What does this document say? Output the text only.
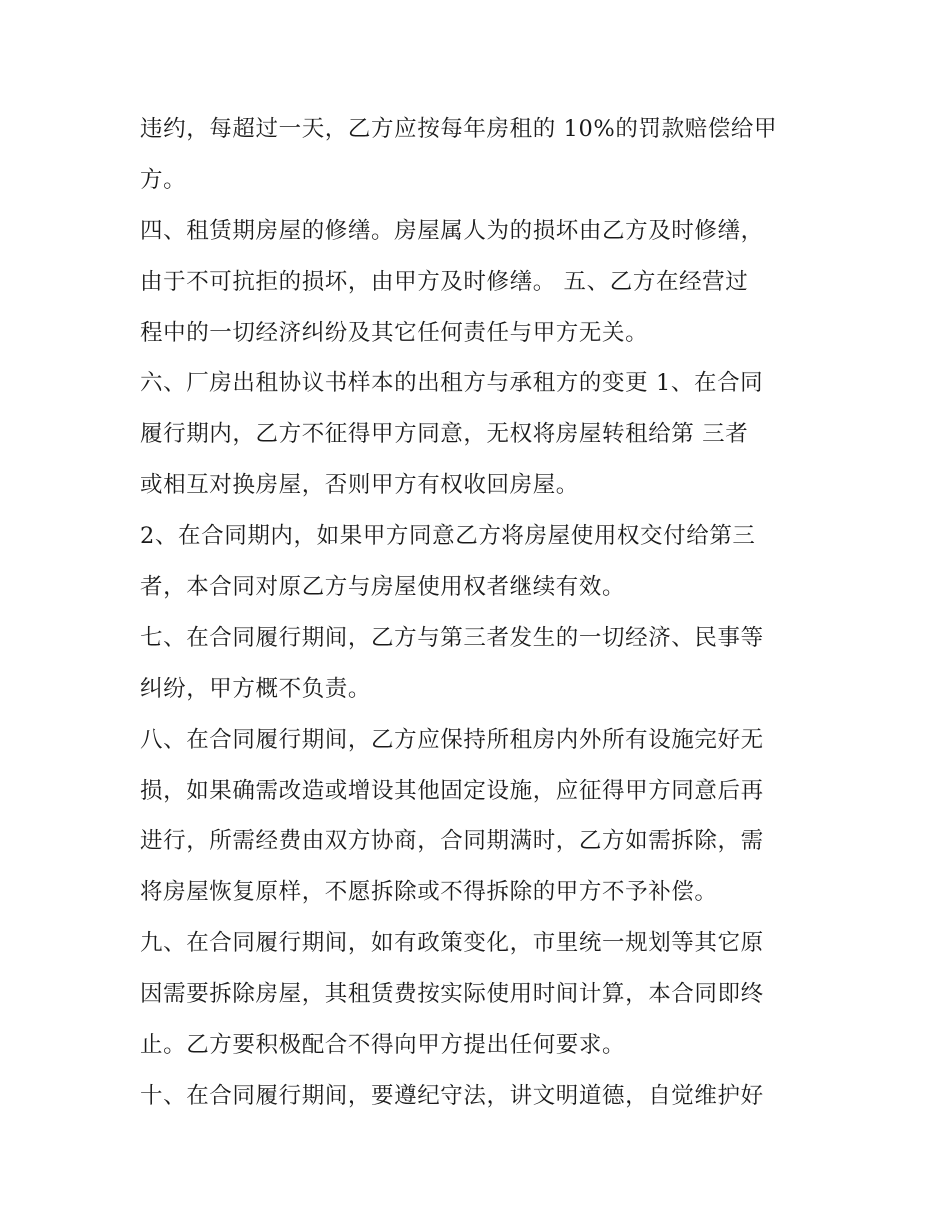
违约，每超过一天，乙方应按每年房租的 10%的罚款赔偿给甲
方。
四、租赁期房屋的修缮。房屋属人为的损坏由乙方及时修缮，
由于不可抗拒的损坏，由甲方及时修缮。 五、乙方在经营过
程中的一切经济纠纷及其它任何责任与甲方无关。
六、厂房出租协议书样本的出租方与承租方的变更 1、在合同
履行期内，乙方不征得甲方同意，无权将房屋转租给第 三者
或相互对换房屋，否则甲方有权收回房屋。
2、在合同期内，如果甲方同意乙方将房屋使用权交付给第三
者，本合同对原乙方与房屋使用权者继续有效。
七、在合同履行期间，乙方与第三者发生的一切经济、民事等
纠纷，甲方概不负责。
八、在合同履行期间，乙方应保持所租房内外所有设施完好无
损，如果确需改造或增设其他固定设施，应征得甲方同意后再
进行，所需经费由双方协商，合同期满时，乙方如需拆除，需
将房屋恢复原样，不愿拆除或不得拆除的甲方不予补偿。
九、在合同履行期间，如有政策变化，市里统一规划等其它原
因需要拆除房屋，其租赁费按实际使用时间计算，本合同即终
止。乙方要积极配合不得向甲方提出任何要求。
十、在合同履行期间，要遵纪守法，讲文明道德，自觉维护好
